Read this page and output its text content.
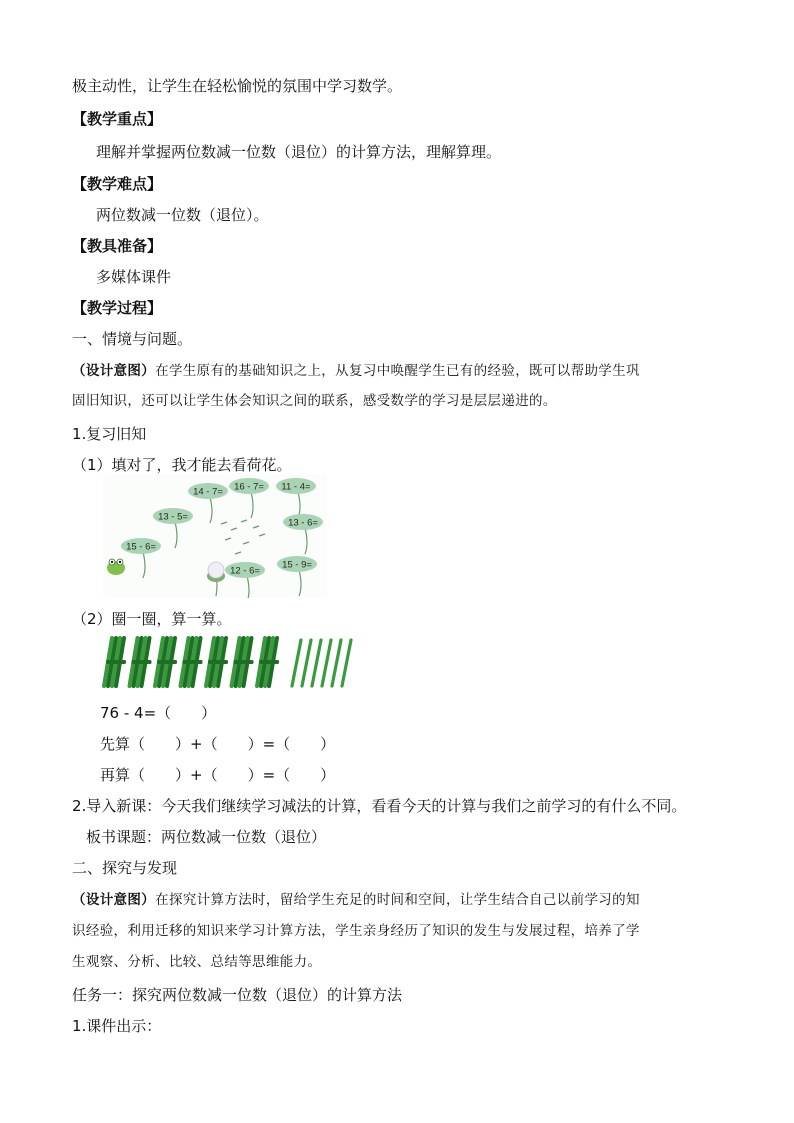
极主动性，让学生在轻松愉悦的氛围中学习数学。
【教学重点】
理解并掌握两位数减一位数（退位）的计算方法，理解算理。
【教学难点】
两位数减一位数（退位）。
【教具准备】
多媒体课件
【教学过程】
一、情境与问题。
（设计意图）在学生原有的基础知识之上，从复习中唤醒学生已有的经验，既可以帮助学生巩
固旧知识，还可以让学生体会知识之间的联系，感受数学的学习是层层递进的。
1.复习旧知
（1）填对了，我才能去看荷花。
14 - 7= 16 - 7= 11 - 4=
13 - 5=
13 - 6=
15 - 6=
12 - 6=
15 - 9=
（2）圈一圈，算一算。
76 - 4=（　　）
先算（　　）+（　　）=（　　）
再算（　　）+（　　）=（　　）
2.导入新课：今天我们继续学习减法的计算，看看今天的计算与我们之前学习的有什么不同。
板书课题：两位数减一位数（退位）
二、探究与发现
（设计意图）在探究计算方法时，留给学生充足的时间和空间，让学生结合自己以前学习的知
识经验，利用迁移的知识来学习计算方法，学生亲身经历了知识的发生与发展过程，培养了学
生观察、分析、比较、总结等思维能力。
任务一：探究两位数减一位数（退位）的计算方法
1.课件出示：
